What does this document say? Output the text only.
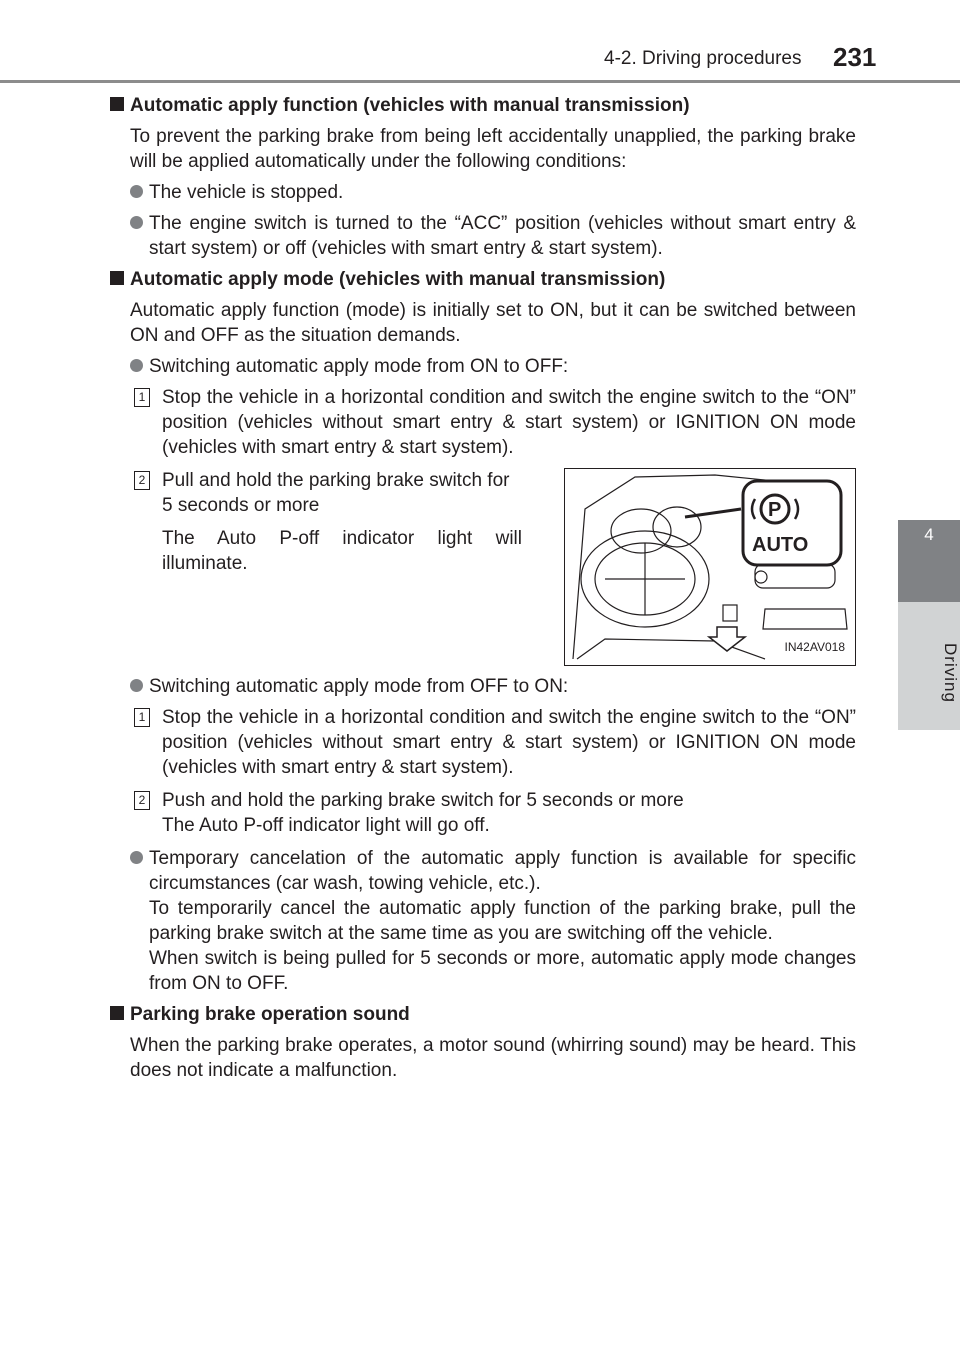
4-2. Driving procedures 231
4
Driving

Automatic apply function (vehicles with manual transmission)

To prevent the parking brake from being left accidentally unapplied, the parking brake will be applied automatically under the following conditions:

The vehicle is stopped.

The engine switch is turned to the “ACC” position (vehicles without smart entry & start system) or off (vehicles with smart entry & start system).

Automatic apply mode (vehicles with manual transmission)

Automatic apply function (mode) is initially set to ON, but it can be switched between ON and OFF as the situation demands.

Switching automatic apply mode from ON to OFF:

1 Stop the vehicle in a horizontal condition and switch the engine switch to the “ON” position (vehicles without smart entry & start system) or IGNITION ON mode (vehicles with smart entry & start system).

2 Pull and hold the parking brake switch for 5 seconds or more

The Auto P-off indicator light will illuminate.

P
AUTO
IN42AV018

Switching automatic apply mode from OFF to ON:

1 Stop the vehicle in a horizontal condition and switch the engine switch to the “ON” position (vehicles without smart entry & start system) or IGNITION ON mode (vehicles with smart entry & start system).

2 Push and hold the parking brake switch for 5 seconds or more

The Auto P-off indicator light will go off.

Temporary cancelation of the automatic apply function is available for specific circumstances (car wash, towing vehicle, etc.).

To temporarily cancel the automatic apply function of the parking brake, pull the parking brake switch at the same time as you are switching off the vehicle.

When switch is being pulled for 5 seconds or more, automatic apply mode changes from ON to OFF.

Parking brake operation sound

When the parking brake operates, a motor sound (whirring sound) may be heard. This does not indicate a malfunction.
